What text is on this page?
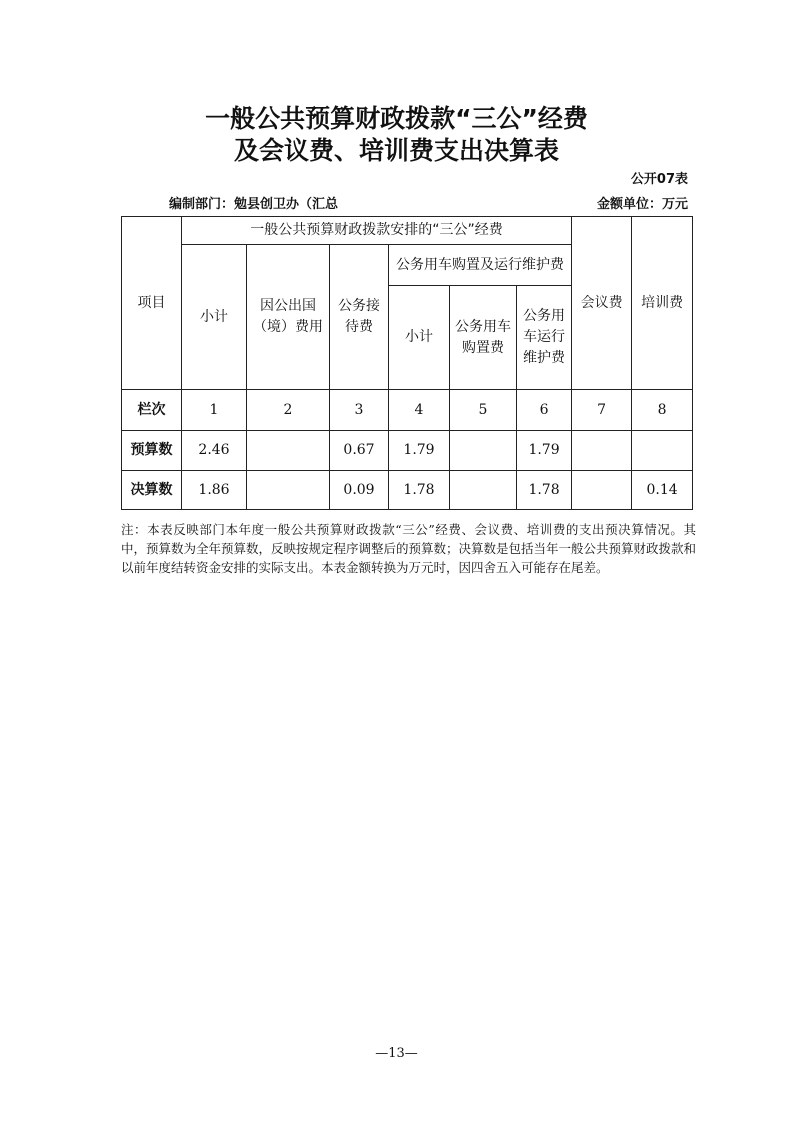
一般公共预算财政拨款“三公”经费
及会议费、培训费支出决算表
公开07表
编制部门：勉县创卫办（汇总	金额单位：万元
项目	一般公共预算财政拨款安排的“三公”经费						会议费	培训费
	小计	因公出国（境）费用	公务接待费	公务用车购置及运行维护费				
				小计	公务用车购置费	公务用车运行维护费		
栏次	1	2	3	4	5	6	7	8
预算数	2.46		0.67	1.79		1.79		
决算数	1.86		0.09	1.78		1.78		0.14
注：本表反映部门本年度一般公共预算财政拨款“三公”经费、会议费、培训费的支出预决算情况。其中，预算数为全年预算数，反映按规定程序调整后的预算数；决算数是包括当年一般公共预算财政拨款和以前年度结转资金安排的实际支出。本表金额转换为万元时，因四舍五入可能存在尾差。
—13—
